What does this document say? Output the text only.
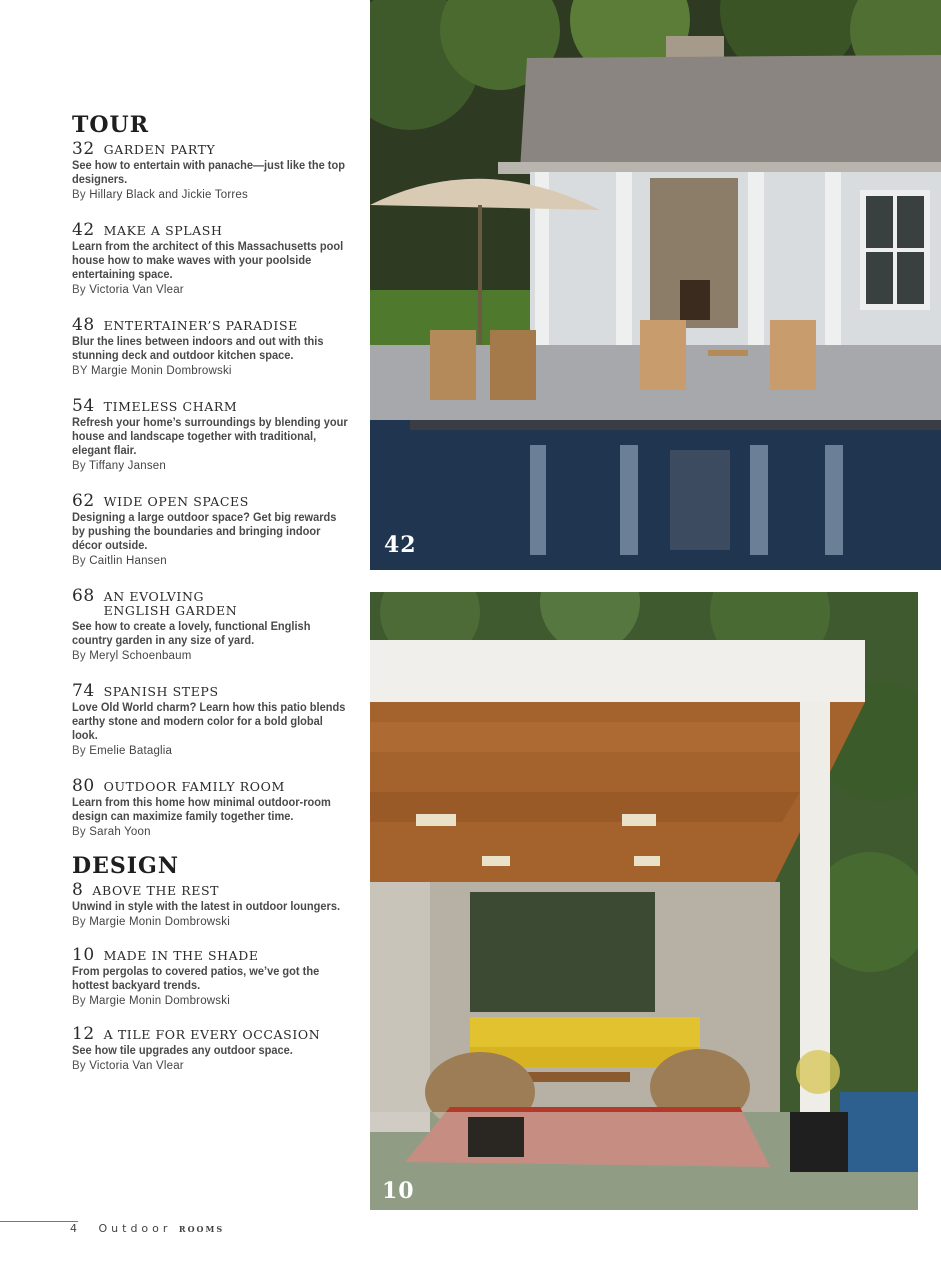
TOUR
32 GARDEN PARTY
See how to entertain with panache—just like the top designers.
By Hillary Black and Jickie Torres
42 MAKE A SPLASH
Learn from the architect of this Massachusetts pool house how to make waves with your poolside entertaining space.
By Victoria Van Vlear
48 ENTERTAINER’S PARADISE
Blur the lines between indoors and out with this stunning deck and outdoor kitchen space.
BY Margie Monin Dombrowski
54 TIMELESS CHARM
Refresh your home’s surroundings by blending your house and landscape together with traditional, elegant flair.
By Tiffany Jansen
62 WIDE OPEN SPACES
Designing a large outdoor space? Get big rewards by pushing the boundaries and bringing indoor décor outside.
By Caitlin Hansen
68 AN EVOLVING
ENGLISH GARDEN
See how to create a lovely, functional English country garden in any size of yard.
By Meryl Schoenbaum
74 SPANISH STEPS
Love Old World charm? Learn how this patio blends earthy stone and modern color for a bold global look.
By Emelie Bataglia
80 OUTDOOR FAMILY ROOM
Learn from this home how minimal outdoor-room design can maximize family together time.
By Sarah Yoon
DESIGN
8 ABOVE THE REST
Unwind in style with the latest in outdoor loungers.
By Margie Monin Dombrowski
10 MADE IN THE SHADE
From pergolas to covered patios, we’ve got the hottest backyard trends.
By Margie Monin Dombrowski
12 A TILE FOR EVERY OCCASION
See how tile upgrades any outdoor space.
By Victoria Van Vlear
42
10
4 Outdoor ROOMS
